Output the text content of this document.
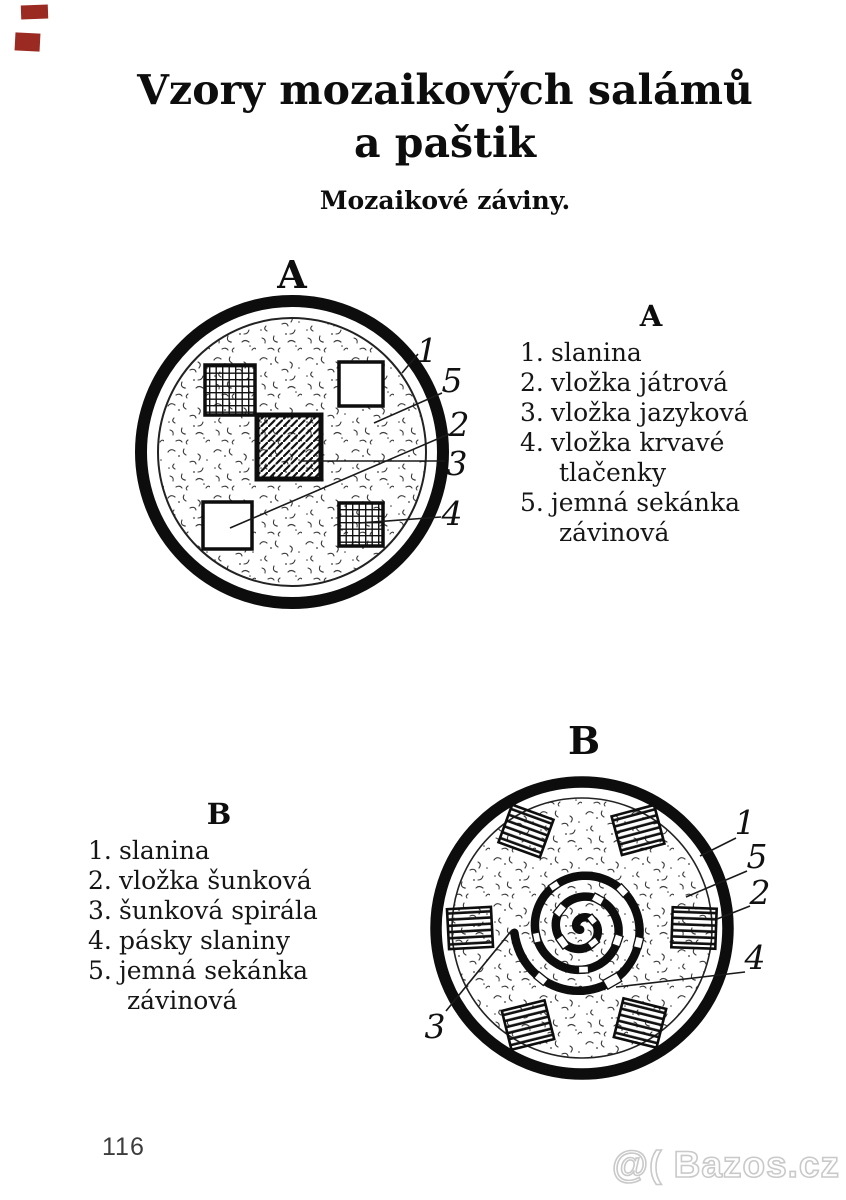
Vzory mozaikových salámů
a paštik
Mozaikové záviny.
A
1
5
2
3
4
A
1. slanina
2. vložka játrová
3. vložka jazyková
4. vložka krvavé
tlačenky
5. jemná sekánka
závinová
B
B
1. slanina
2. vložka šunková
3. šunková spirála
4. pásky slaniny
5. jemná sekánka
závinová
1
5
2
4
3
116	@( Bazos.cz
